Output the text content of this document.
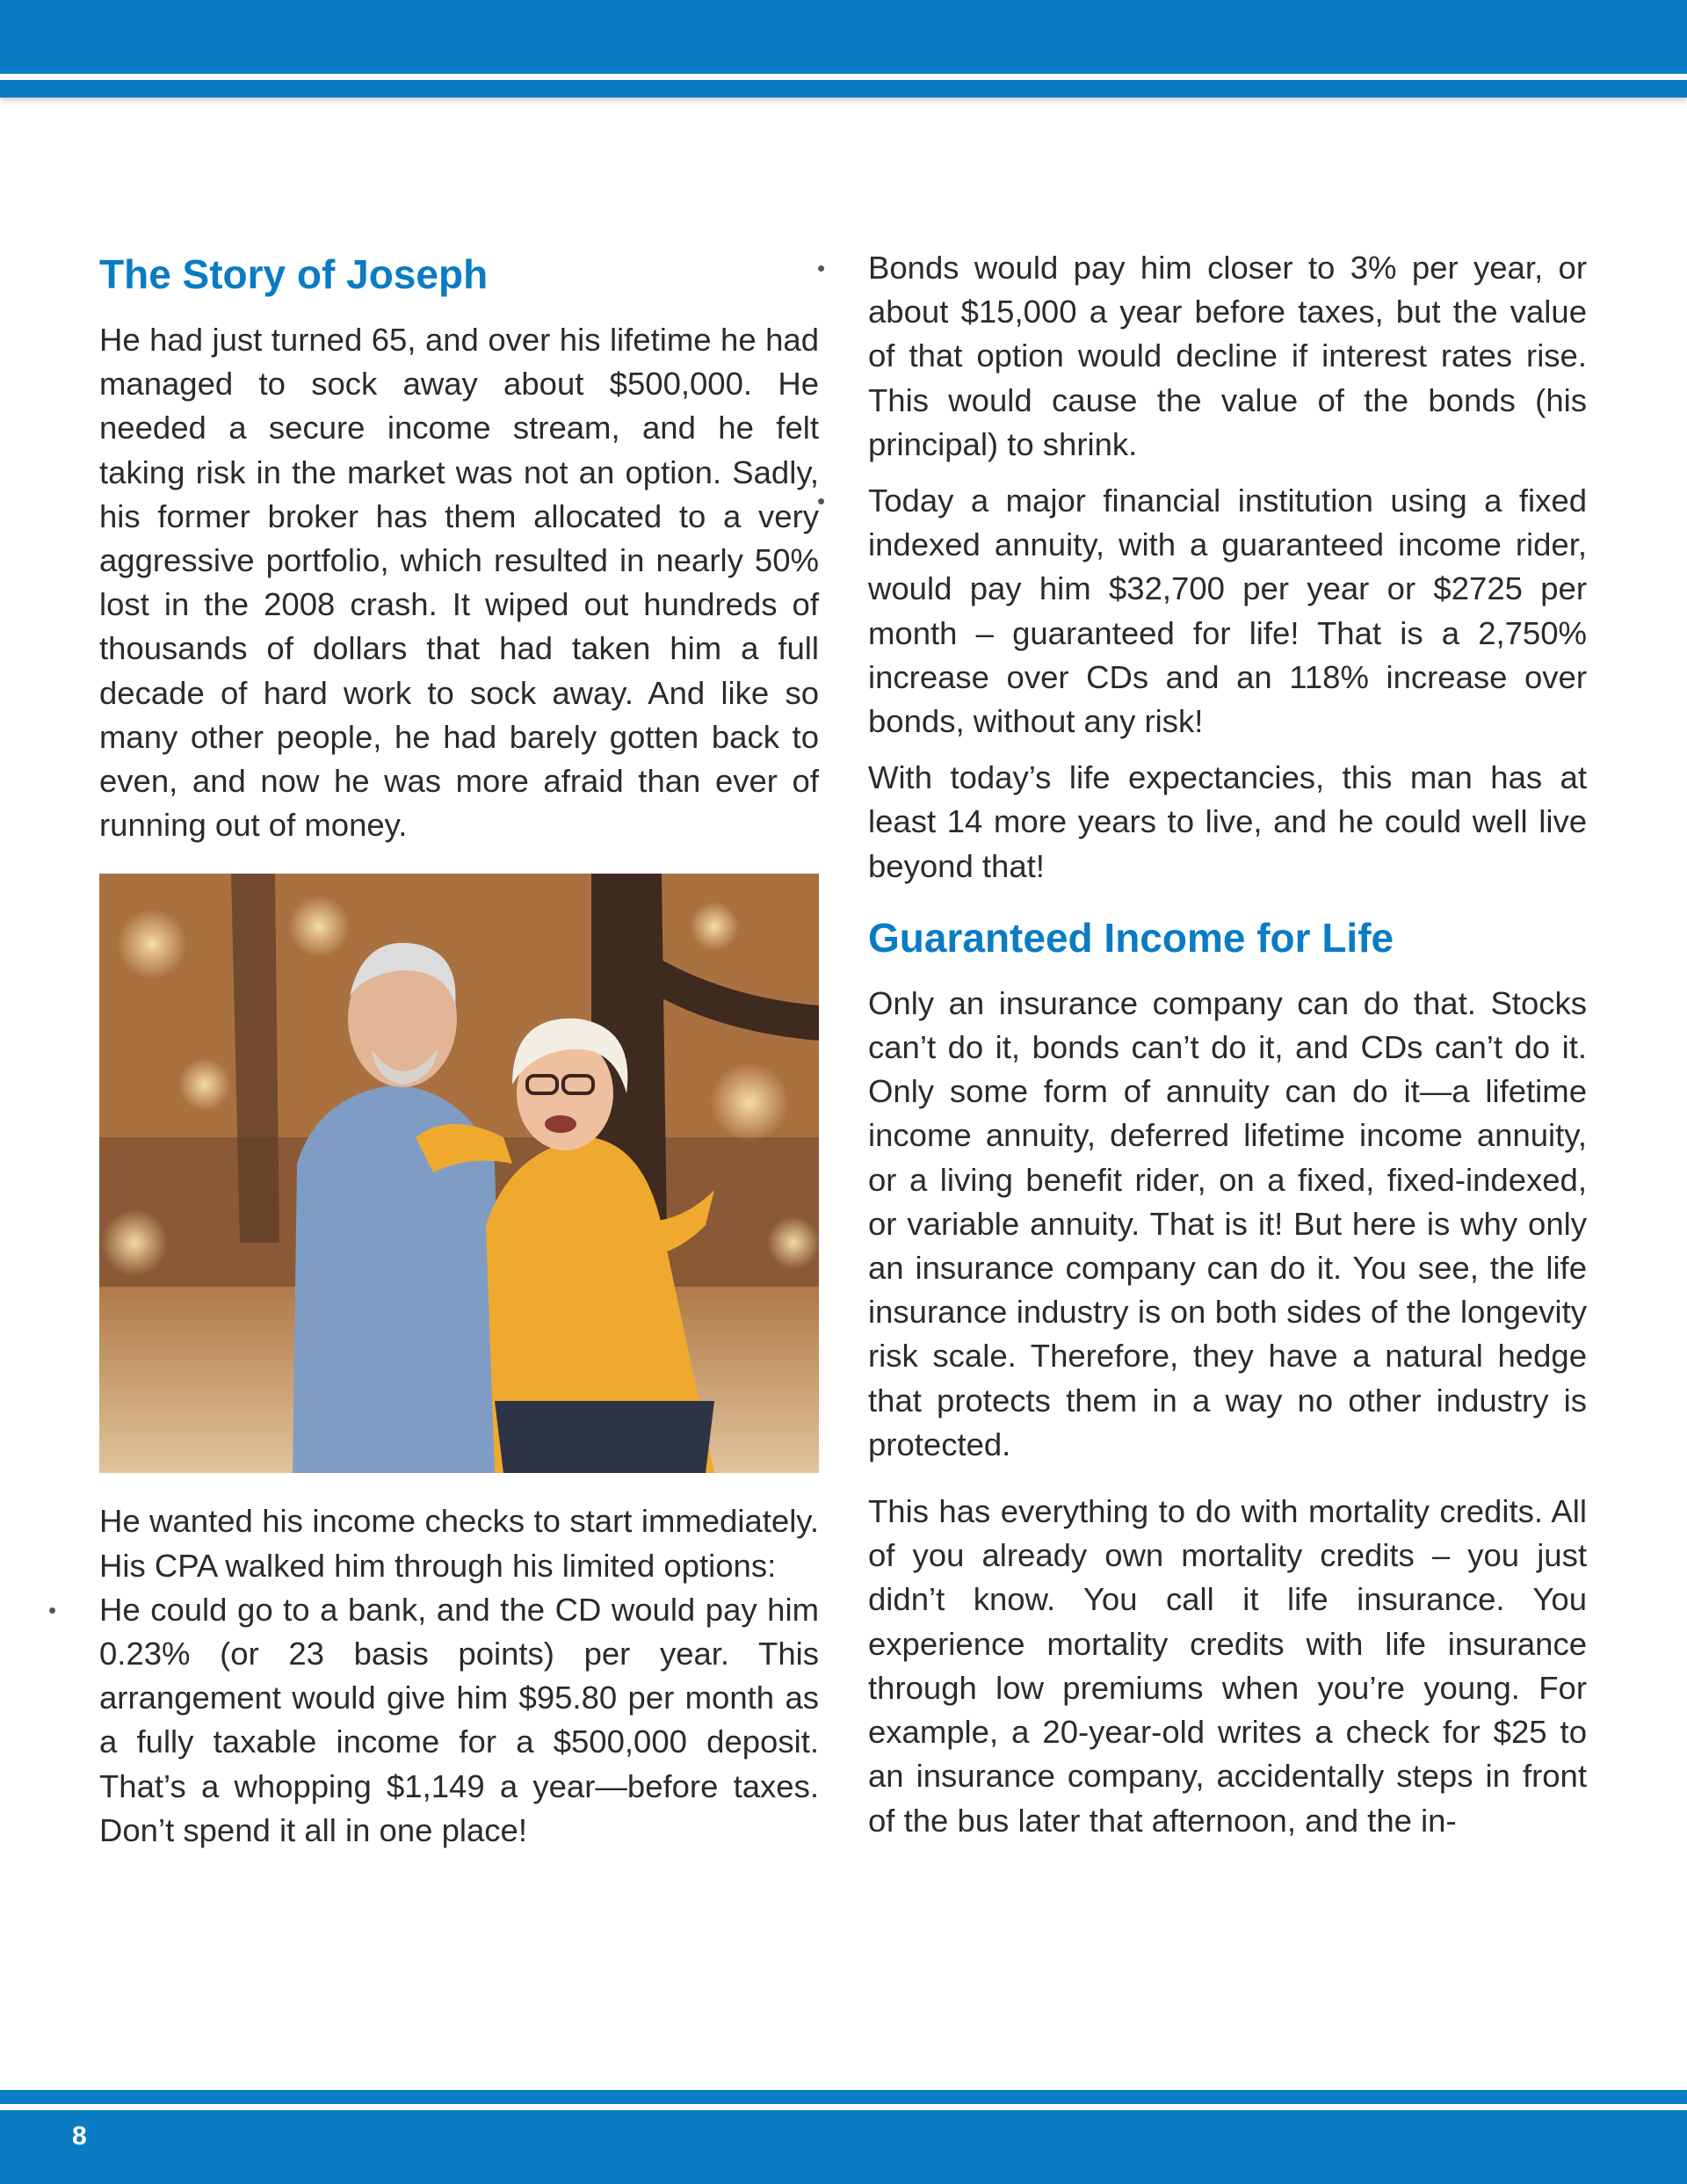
The Story of Joseph

He had just turned 65, and over his lifetime he had managed to sock away about $500,000. He needed a secure income stream, and he felt taking risk in the market was not an option. Sadly, his former broker has them allocated to a very aggressive portfolio, which resulted in nearly 50% lost in the 2008 crash. It wiped out hundreds of thousands of dollars that had taken him a full decade of hard work to sock away. And like so many other people, he had barely gotten back to even, and now he was more afraid than ever of running out of money.

He wanted his income checks to start immediately. His CPA walked him through his limited options:

• He could go to a bank, and the CD would pay him 0.23% (or 23 basis points) per year. This arrangement would give him $95.80 per month as a fully taxable income for a $500,000 deposit. That’s a whopping $1,149 a year—before taxes. Don’t spend it all in one place!
• Bonds would pay him closer to 3% per year, or about $15,000 a year before taxes, but the value of that option would decline if interest rates rise. This would cause the value of the bonds (his principal) to shrink.
• Today a major financial institution using a fixed indexed annuity, with a guaranteed income rider, would pay him $32,700 per year or $2725 per month – guaranteed for life! That is a 2,750% increase over CDs and an 118% increase over bonds, without any risk!

With today’s life expectancies, this man has at least 14 more years to live, and he could well live beyond that!

Guaranteed Income for Life

Only an insurance company can do that. Stocks can’t do it, bonds can’t do it, and CDs can’t do it. Only some form of annuity can do it—a lifetime income annuity, deferred lifetime income annuity, or a living benefit rider, on a fixed, fixed-indexed, or variable annuity. That is it! But here is why only an insurance company can do it. You see, the life insurance industry is on both sides of the longevity risk scale. Therefore, they have a natural hedge that protects them in a way no other industry is protected.

This has everything to do with mortality credits. All of you already own mortality credits – you just didn’t know. You call it life insurance. You experience mortality credits with life insurance through low premiums when you’re young. For example, a 20-year-old writes a check for $25 to an insurance company, accidentally steps in front of the bus later that afternoon, and the in-

8
